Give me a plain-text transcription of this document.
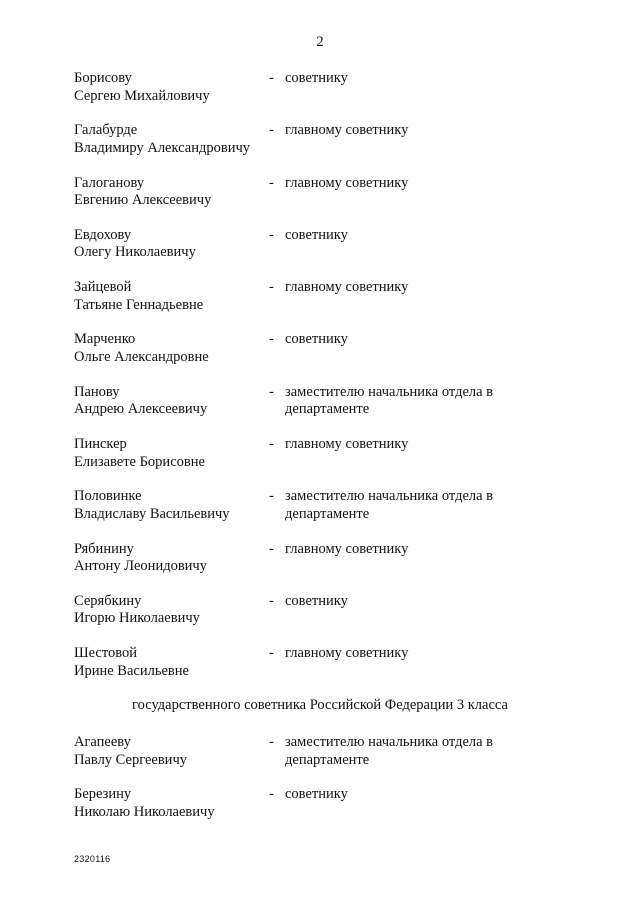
2
Борисову
Сергею Михайловичу
- советнику
Галабурде
Владимиру Александровичу
- главному советнику
Галоганову
Евгению Алексеевичу
- главному советнику
Евдохову
Олегу Николаевичу
- советнику
Зайцевой
Татьяне Геннадьевне
- главному советнику
Марченко
Ольге Александровне
- советнику
Панову
Андрею Алексеевичу
- заместителю начальника отдела в департаменте
Пинскер
Елизавете Борисовне
- главному советнику
Половинке
Владиславу Васильевичу
- заместителю начальника отдела в департаменте
Рябинину
Антону Леонидовичу
- главному советнику
Серябкину
Игорю Николаевичу
- советнику
Шестовой
Ирине Васильевне
- главному советнику
государственного советника Российской Федерации 3 класса
Агапееву
Павлу Сергеевичу
- заместителю начальника отдела в департаменте
Березину
Николаю Николаевичу
- советнику
2320116
